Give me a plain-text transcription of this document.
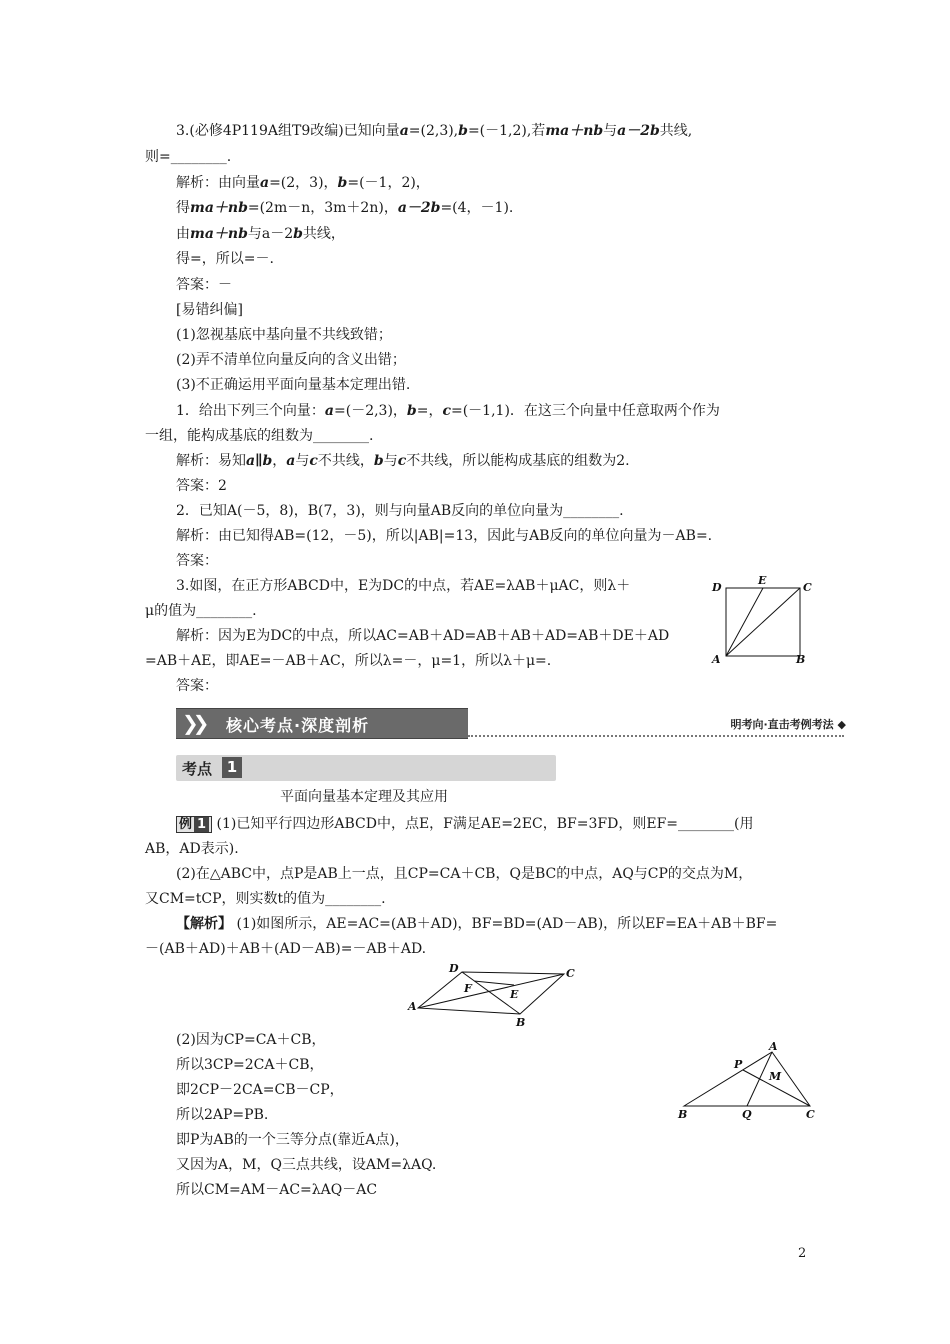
3.(必修4P119A组T9改编)已知向量a=(2,3),b=(－1,2),若ma＋nb与a－2b共线,
则=________.
解析：由向量a=(2，3)，b=(－1，2)，
得ma＋nb=(2m－n，3m＋2n)，a－2b=(4，－1).
由ma＋nb与a－2b共线，
得=，所以=－.
答案：－
[易错纠偏]
(1)忽视基底中基向量不共线致错；
(2)弄不清单位向量反向的含义出错；
(3)不正确运用平面向量基本定理出错.
1．给出下列三个向量：a=(－2,3)，b=，c=(－1,1)．在这三个向量中任意取两个作为
一组，能构成基底的组数为________.
解析：易知a∥b，a与c不共线，b与c不共线，所以能构成基底的组数为2.
答案：2
2．已知A(－5，8)，B(7，3)，则与向量AB反向的单位向量为________.
解析：由已知得AB=(12，－5)，所以|AB|=13，因此与AB反向的单位向量为－AB=.
答案：
3.如图，在正方形ABCD中，E为DC的中点，若AE=λAB＋μAC，则λ＋
μ的值为________.
解析：因为E为DC的中点，所以AC=AB＋AD=AB＋AB＋AD=AB＋DE＋AD
=AB＋AE，即AE=－AB＋AC，所以λ=－，μ=1，所以λ＋μ=.
答案：
D
E
C
A	B
❯❯ 核心考点·深度剖析	明考向·直击考例考法 ◆
考点 1
平面向量基本定理及其应用
例 1 (1)已知平行四边形ABCD中，点E，F满足AE=2EC，BF=3FD，则EF=________(用
AB，AD表示).
(2)在△ABC中，点P是AB上一点，且CP=CA＋CB，Q是BC的中点，AQ与CP的交点为M，
又CM=tCP，则实数t的值为________.
【解析】 (1)如图所示，AE=AC=(AB＋AD)，BF=BD=(AD－AB)，所以EF=EA＋AB＋BF=
－(AB＋AD)＋AB＋(AD－AB)=－AB＋AD.
D	C
A
B
F	E
(2)因为CP=CA＋CB，
所以3CP=2CA＋CB，
即2CP－2CA=CB－CP，
所以2AP=PB.
即P为AB的一个三等分点(靠近A点)，
又因为A，M，Q三点共线，设AM=λAQ.
所以CM=AM－AC=λAQ－AC
A
P
M
B	Q	C
2
